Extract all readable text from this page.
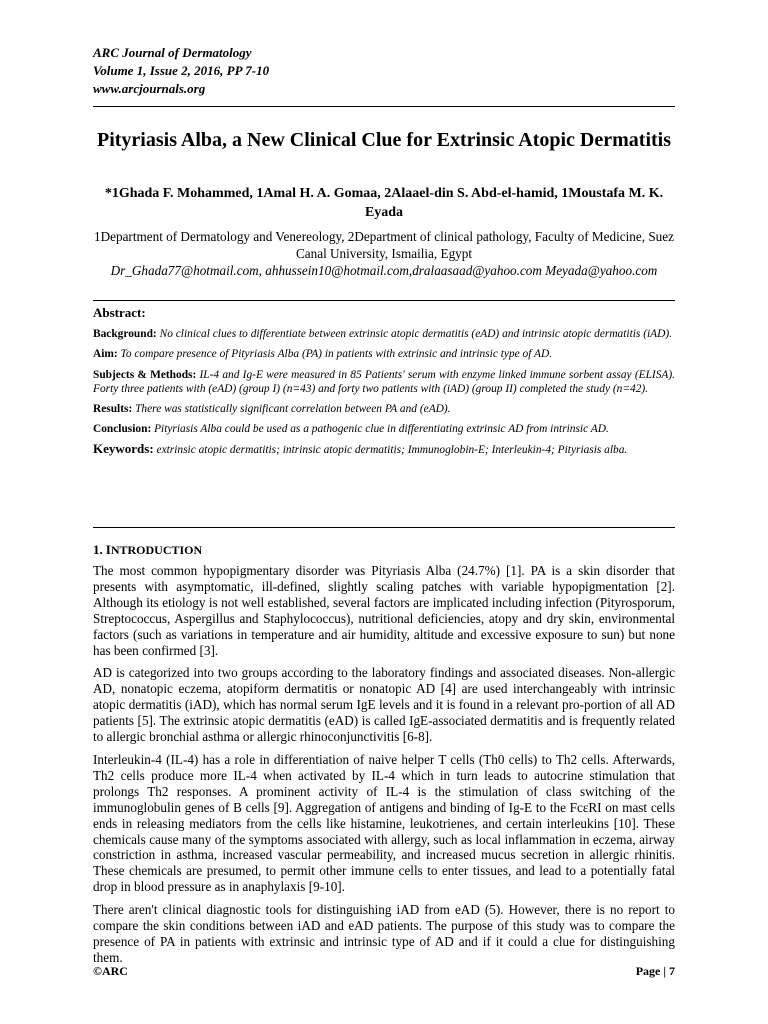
ARC Journal of Dermatology
Volume 1, Issue 2, 2016, PP 7-10
www.arcjournals.org
Pityriasis Alba, a New Clinical Clue for Extrinsic Atopic Dermatitis
*1Ghada F. Mohammed, 1Amal H. A. Gomaa, 2Alaael-din S. Abd-el-hamid, 1Moustafa M. K. Eyada
1Department of Dermatology and Venereology, 2Department of clinical pathology, Faculty of Medicine, Suez Canal University, Ismailia, Egypt
Dr_Ghada77@hotmail.com, ahhussein10@hotmail.com,dralaasaad@yahoo.com Meyada@yahoo.com
Abstract:

Background: No clinical clues to differentiate between extrinsic atopic dermatitis (eAD) and intrinsic atopic dermatitis (iAD).

Aim: To compare presence of Pityriasis Alba (PA) in patients with extrinsic and intrinsic type of AD.

Subjects & Methods: IL-4 and Ig-E were measured in 85 Patients' serum with enzyme linked immune sorbent assay (ELISA). Forty three patients with (eAD) (group I) (n=43) and forty two patients with (iAD) (group II) completed the study (n=42).

Results: There was statistically significant correlation between PA and (eAD).

Conclusion: Pityriasis Alba could be used as a pathogenic clue in differentiating extrinsic AD from intrinsic AD.

Keywords: extrinsic atopic dermatitis; intrinsic atopic dermatitis; Immunoglobin-E; Interleukin-4; Pityriasis alba.

1. INTRODUCTION

The most common hypopigmentary disorder was Pityriasis Alba (24.7%) [1]. PA is a skin disorder that presents with asymptomatic, ill-defined, slightly scaling patches with variable hypopigmentation [2]. Although its etiology is not well established, several factors are implicated including infection (Pityrosporum, Streptococcus, Aspergillus and Staphylococcus), nutritional deficiencies, atopy and dry skin, environmental factors (such as variations in temperature and air humidity, altitude and excessive exposure to sun) but none has been confirmed [3].

AD is categorized into two groups according to the laboratory findings and associated diseases. Non-allergic AD, nonatopic eczema, atopiform dermatitis or nonatopic AD [4] are used interchangeably with intrinsic atopic dermatitis (iAD), which has normal serum IgE levels and it is found in a relevant pro-portion of all AD patients [5]. The extrinsic atopic dermatitis (eAD) is called IgE-associated dermatitis and is frequently related to allergic bronchial asthma or allergic rhinoconjunctivitis [6-8].

Interleukin-4 (IL-4) has a role in differentiation of naive helper T cells (Th0 cells) to Th2 cells. Afterwards, Th2 cells produce more IL-4 when activated by IL-4 which in turn leads to autocrine stimulation that prolongs Th2 responses. A prominent activity of IL-4 is the stimulation of class switching of the immunoglobulin genes of B cells [9]. Aggregation of antigens and binding of Ig-E to the FcεRI on mast cells ends in releasing mediators from the cells like histamine, leukotrienes, and certain interleukins [10]. These chemicals cause many of the symptoms associated with allergy, such as local inflammation in eczema, airway constriction in asthma, increased vascular permeability, and increased mucus secretion in allergic rhinitis. These chemicals are presumed, to permit other immune cells to enter tissues, and lead to a potentially fatal drop in blood pressure as in anaphylaxis [9-10].

There aren't clinical diagnostic tools for distinguishing iAD from eAD (5). However, there is no report to compare the skin conditions between iAD and eAD patients. The purpose of this study was to compare the presence of PA in patients with extrinsic and intrinsic type of AD and if it could a clue for distinguishing them.

©ARC	Page | 7
